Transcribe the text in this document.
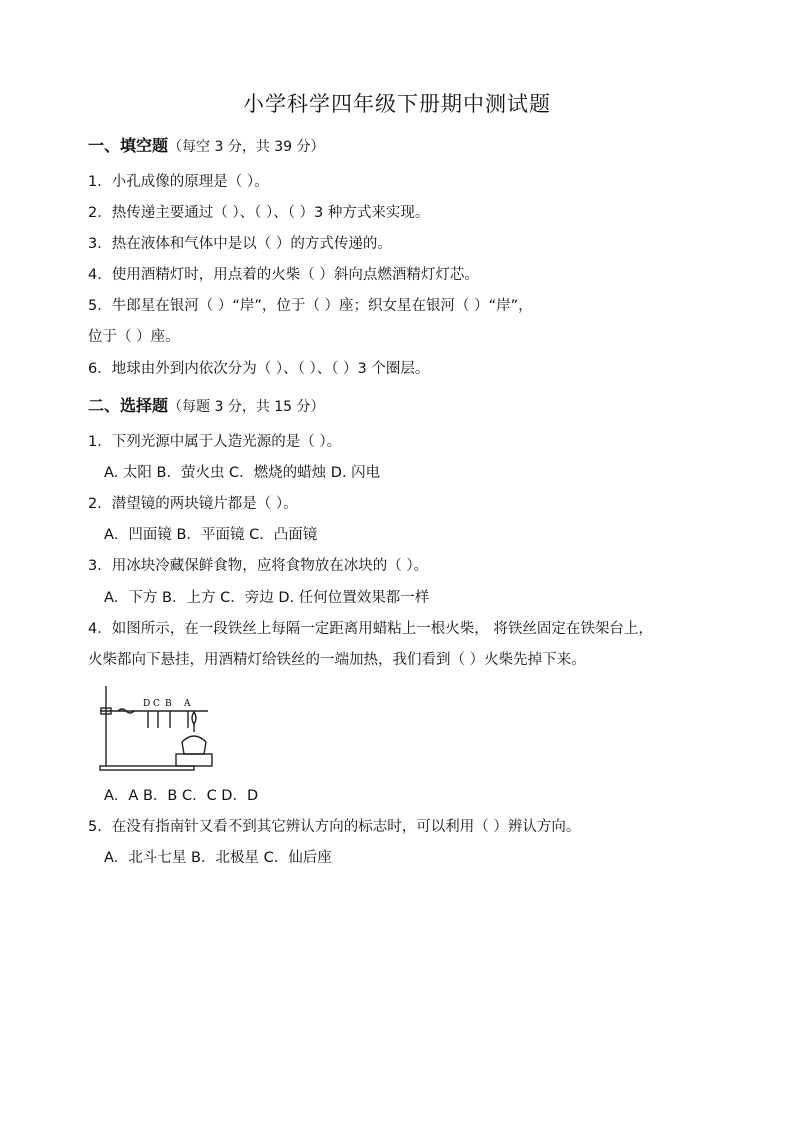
小学科学四年级下册期中测试题
一、填空题（每空 3 分，共 39 分）
1．小孔成像的原理是（ ）。
2．热传递主要通过（ ）、（ ）、（ ）3 种方式来实现。
3．热在液体和气体中是以（ ）的方式传递的。
4．使用酒精灯时，用点着的火柴（ ）斜向点燃酒精灯灯芯。
5．牛郎星在银河（ ）“岸”，位于（ ）座；织女星在银河（ ）“岸”，
位于（ ）座。
6．地球由外到内依次分为（ ）、（ ）、（ ）3 个圈层。
二、选择题（每题 3 分，共 15 分）
1．下列光源中属于人造光源的是（ ）。
A. 太阳 B．萤火虫 C．燃烧的蜡烛 D. 闪电
2．潜望镜的两块镜片都是（ ）。
A．凹面镜 B．平面镜 C．凸面镜
3．用冰块冷藏保鲜食物，应将食物放在冰块的（ ）。
A．下方 B．上方 C．旁边 D. 任何位置效果都一样
4．如图所示，在一段铁丝上每隔一定距离用蜡粘上一根火柴， 将铁丝固定在铁架台上，
火柴都向下悬挂，用酒精灯给铁丝的一端加热，我们看到（ ）火柴先掉下来。
D C B A
A．A B．B C．C D．D
5．在没有指南针又看不到其它辨认方向的标志时，可以利用（ ）辨认方向。
A．北斗七星 B．北极星 C．仙后座
